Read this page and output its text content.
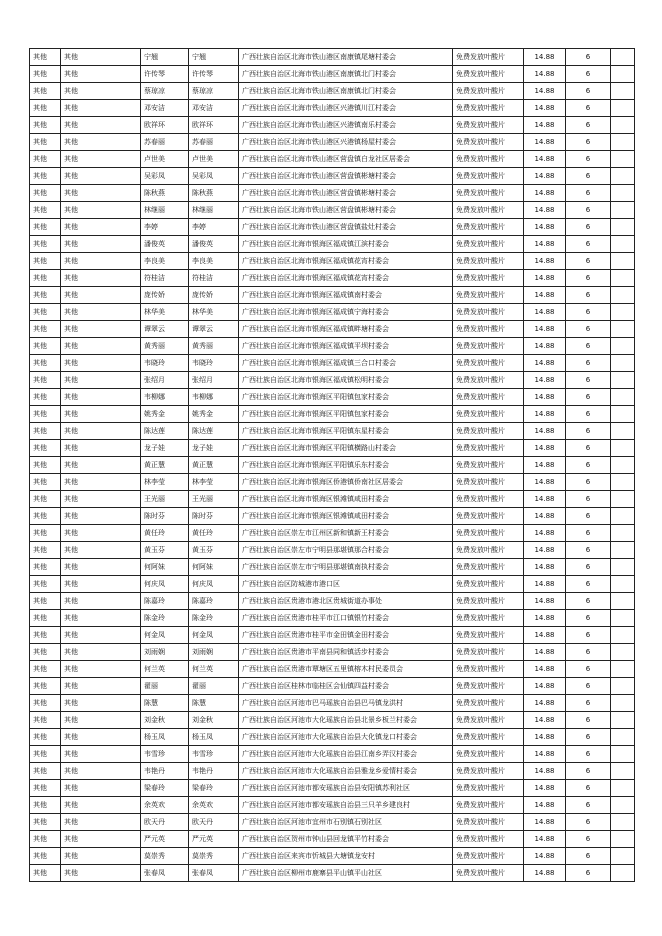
其他	其他	宁翘	宁翘	广西壮族自治区北海市铁山港区南康镇尾塘村委会	免费发放叶酸片	14.88	6	
其他	其他	许传琴	许传琴	广西壮族自治区北海市铁山港区南康镇北门村委会	免费发放叶酸片	14.88	6	
其他	其他	蔡琼凉	蔡琼凉	广西壮族自治区北海市铁山港区南康镇北门村委会	免费发放叶酸片	14.88	6	
其他	其他	邓安洁	邓安洁	广西壮族自治区北海市铁山港区兴港镇川江村委会	免费发放叶酸片	14.88	6	
其他	其他	欧祥环	欧祥环	广西壮族自治区北海市铁山港区兴港镇南乐村委会	免费发放叶酸片	14.88	6	
其他	其他	苏春丽	苏春丽	广西壮族自治区北海市铁山港区兴港镇杨屋村委会	免费发放叶酸片	14.88	6	
其他	其他	卢世美	卢世美	广西壮族自治区北海市铁山港区营盘镇白龙社区居委会	免费发放叶酸片	14.88	6	
其他	其他	吴彩凤	吴彩凤	广西壮族自治区北海市铁山港区营盘镇彬塘村委会	免费发放叶酸片	14.88	6	
其他	其他	陈秋燕	陈秋燕	广西壮族自治区北海市铁山港区营盘镇彬塘村委会	免费发放叶酸片	14.88	6	
其他	其他	林继丽	林继丽	广西壮族自治区北海市铁山港区营盘镇彬塘村委会	免费发放叶酸片	14.88	6	
其他	其他	李婷	李婷	广西壮族自治区北海市铁山港区营盘镇盐灶村委会	免费发放叶酸片	14.88	6	
其他	其他	潘俊英	潘俊英	广西壮族自治区北海市银海区福成镇江滨村委会	免费发放叶酸片	14.88	6	
其他	其他	李良美	李良美	广西壮族自治区北海市银海区福成镇花宵村委会	免费发放叶酸片	14.88	6	
其他	其他	符桂洁	符桂洁	广西壮族自治区北海市银海区福成镇花宵村委会	免费发放叶酸片	14.88	6	
其他	其他	庞传娇	庞传娇	广西壮族自治区北海市银海区福成镇南村委会	免费发放叶酸片	14.88	6	
其他	其他	林华美	林华美	广西壮族自治区北海市银海区福成镇宁海村委会	免费发放叶酸片	14.88	6	
其他	其他	谭翠云	谭翠云	广西壮族自治区北海市银海区福成镇畔塘村委会	免费发放叶酸片	14.88	6	
其他	其他	黄秀丽	黄秀丽	广西壮族自治区北海市银海区福成镇平坝村委会	免费发放叶酸片	14.88	6	
其他	其他	韦晓玲	韦晓玲	广西壮族自治区北海市银海区福成镇三合口村委会	免费发放叶酸片	14.88	6	
其他	其他	张绍月	张绍月	广西壮族自治区北海市银海区福成镇松明村委会	免费发放叶酸片	14.88	6	
其他	其他	韦柳娜	韦柳娜	广西壮族自治区北海市银海区平阳镇包家村委会	免费发放叶酸片	14.88	6	
其他	其他	姚秀金	姚秀金	广西壮族自治区北海市银海区平阳镇包家村委会	免费发放叶酸片	14.88	6	
其他	其他	陈达莲	陈达莲	广西壮族自治区北海市银海区平阳镇东星村委会	免费发放叶酸片	14.88	6	
其他	其他	龙子娃	龙子娃	广西壮族自治区北海市银海区平阳镇横路山村委会	免费发放叶酸片	14.88	6	
其他	其他	黄正慧	黄正慧	广西壮族自治区北海市银海区平阳镇乐东村委会	免费发放叶酸片	14.88	6	
其他	其他	林李莹	林李莹	广西壮族自治区北海市银海区侨港镇侨南社区居委会	免费发放叶酸片	14.88	6	
其他	其他	王光丽	王光丽	广西壮族自治区北海市银海区银滩镇咸田村委会	免费发放叶酸片	14.88	6	
其他	其他	陈时芬	陈时芬	广西壮族自治区北海市银海区银滩镇咸田村委会	免费发放叶酸片	14.88	6	
其他	其他	黄任玲	黄任玲	广西壮族自治区崇左市江州区新和镇新王村委会	免费发放叶酸片	14.88	6	
其他	其他	黄玉芬	黄玉芬	广西壮族自治区崇左市宁明县那堪镇那合村委会	免费发放叶酸片	14.88	6	
其他	其他	何阿妹	何阿妹	广西壮族自治区崇左市宁明县那堪镇南执村委会	免费发放叶酸片	14.88	6	
其他	其他	何庆凤	何庆凤	广西壮族自治区防城港市港口区	免费发放叶酸片	14.88	6	
其他	其他	陈嘉玲	陈嘉玲	广西壮族自治区贵港市港北区贵城街道办事处	免费发放叶酸片	14.88	6	
其他	其他	陈金玲	陈金玲	广西壮族自治区贵港市桂平市江口镇银竹村委会	免费发放叶酸片	14.88	6	
其他	其他	何金凤	何金凤	广西壮族自治区贵港市桂平市金田镇金田村委会	免费发放叶酸片	14.88	6	
其他	其他	刘雨娴	刘雨娴	广西壮族自治区贵港市平南县同和镇活步村委会	免费发放叶酸片	14.88	6	
其他	其他	何兰英	何兰英	广西壮族自治区贵港市覃塘区五里镇榕木村民委员会	免费发放叶酸片	14.88	6	
其他	其他	翟丽	翟丽	广西壮族自治区桂林市临桂区会仙镇四益村委会	免费发放叶酸片	14.88	6	
其他	其他	陈慧	陈慧	广西壮族自治区河池市巴马瑶族自治县巴马镇龙洪村	免费发放叶酸片	14.88	6	
其他	其他	刘金秋	刘金秋	广西壮族自治区河池市大化瑶族自治县北景乡板兰村委会	免费发放叶酸片	14.88	6	
其他	其他	杨玉凤	杨玉凤	广西壮族自治区河池市大化瑶族自治县大化镇龙口村委会	免费发放叶酸片	14.88	6	
其他	其他	韦雪珍	韦雪珍	广西壮族自治区河池市大化瑶族自治县江南乡弄汉村委会	免费发放叶酸片	14.88	6	
其他	其他	韦艳丹	韦艳丹	广西壮族自治区河池市大化瑶族自治县雅龙乡爱情村委会	免费发放叶酸片	14.88	6	
其他	其他	梁春玲	梁春玲	广西壮族自治区河池市都安瑶族自治县安阳镇苏利社区	免费发放叶酸片	14.88	6	
其他	其他	余英欢	余英欢	广西壮族自治区河池市都安瑶族自治县三只羊乡建良村	免费发放叶酸片	14.88	6	
其他	其他	欧天丹	欧天丹	广西壮族自治区河池市宜州市石别镇石别社区	免费发放叶酸片	14.88	6	
其他	其他	严元英	严元英	广西壮族自治区贺州市钟山县回龙镇平竹村委会	免费发放叶酸片	14.88	6	
其他	其他	莫崇秀	莫崇秀	广西壮族自治区来宾市忻城县大塘镇龙安村	免费发放叶酸片	14.88	6	
其他	其他	张春凤	张春凤	广西壮族自治区柳州市鹿寨县平山镇平山社区	免费发放叶酸片	14.88	6	
